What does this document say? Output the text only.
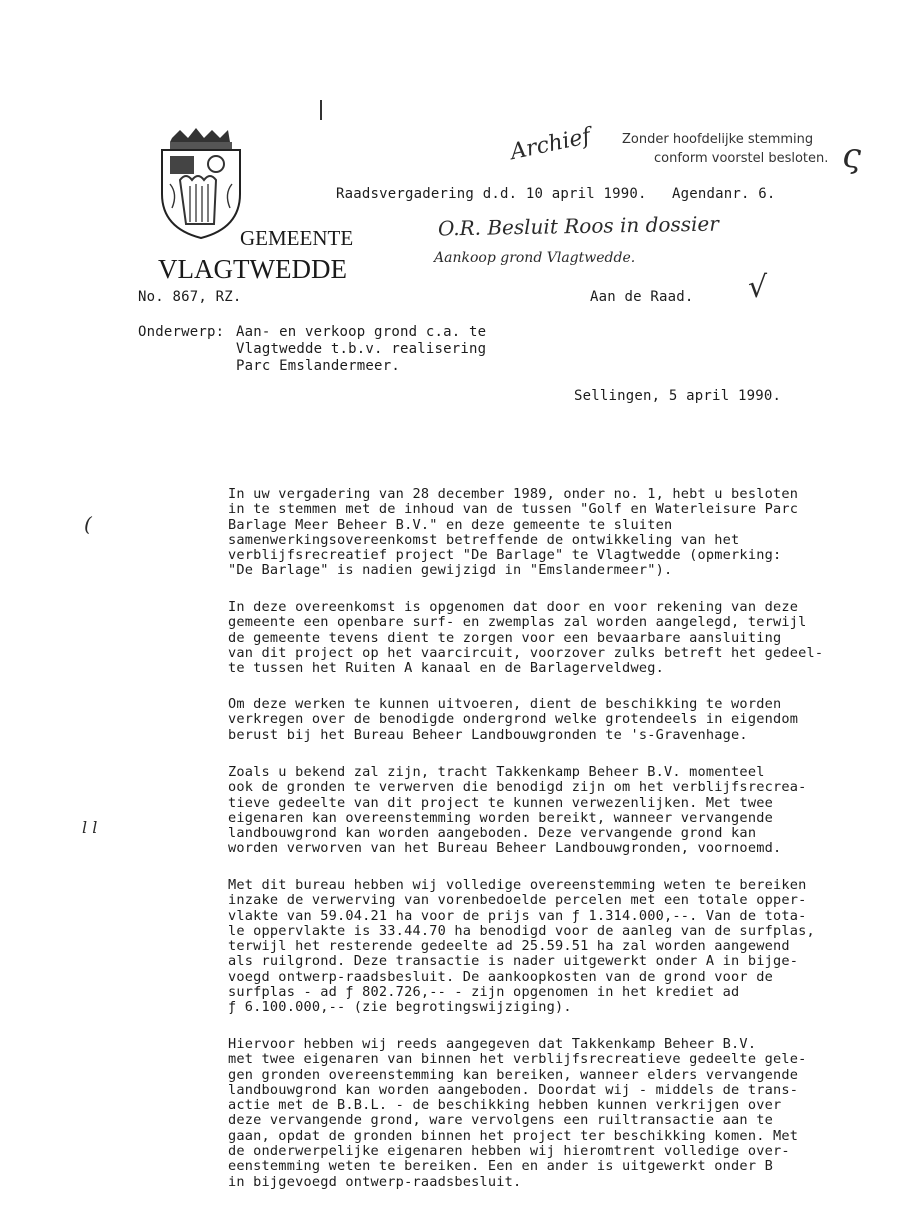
(
l l
GEMEENTE
VLAGTWEDDE
Archief Zonder hoofdelijke stemming
conform voorstel besloten. ς
Raadsvergadering d.d. 10 april 1990. Agendanr. 6.
O.R. Besluit Roos in dossier
Aankoop grond Vlagtwedde.
No. 867, RZ.	Aan de Raad. √
Onderwerp: Aan- en verkoop grond c.a. te
Vlagtwedde t.b.v. realisering
Parc Emslandermeer.
Sellingen, 5 april 1990.
In uw vergadering van 28 december 1989, onder no. 1, hebt u besloten
in te stemmen met de inhoud van de tussen "Golf en Waterleisure Parc
Barlage Meer Beheer B.V." en deze gemeente te sluiten
samenwerkingsovereenkomst betreffende de ontwikkeling van het
verblijfsrecreatief project "De Barlage" te Vlagtwedde (opmerking:
"De Barlage" is nadien gewijzigd in "Emslandermeer").
In deze overeenkomst is opgenomen dat door en voor rekening van deze
gemeente een openbare surf- en zwemplas zal worden aangelegd, terwijl
de gemeente tevens dient te zorgen voor een bevaarbare aansluiting
van dit project op het vaarcircuit, voorzover zulks betreft het gedeel-
te tussen het Ruiten A kanaal en de Barlagerveldweg.
Om deze werken te kunnen uitvoeren, dient de beschikking te worden
verkregen over de benodigde ondergrond welke grotendeels in eigendom
berust bij het Bureau Beheer Landbouwgronden te 's-Gravenhage.
Zoals u bekend zal zijn, tracht Takkenkamp Beheer B.V. momenteel
ook de gronden te verwerven die benodigd zijn om het verblijfsrecrea-
tieve gedeelte van dit project te kunnen verwezenlijken. Met twee
eigenaren kan overeenstemming worden bereikt, wanneer vervangende
landbouwgrond kan worden aangeboden. Deze vervangende grond kan
worden verworven van het Bureau Beheer Landbouwgronden, voornoemd.
Met dit bureau hebben wij volledige overeenstemming weten te bereiken
inzake de verwerving van vorenbedoelde percelen met een totale opper-
vlakte van 59.04.21 ha voor de prijs van ƒ 1.314.000,--. Van de tota-
le oppervlakte is 33.44.70 ha benodigd voor de aanleg van de surfplas,
terwijl het resterende gedeelte ad 25.59.51 ha zal worden aangewend
als ruilgrond. Deze transactie is nader uitgewerkt onder A in bijge-
voegd ontwerp-raadsbesluit. De aankoopkosten van de grond voor de
surfplas - ad ƒ 802.726,-- - zijn opgenomen in het krediet ad
ƒ 6.100.000,-- (zie begrotingswijziging).
Hiervoor hebben wij reeds aangegeven dat Takkenkamp Beheer B.V.
met twee eigenaren van binnen het verblijfsrecreatieve gedeelte gele-
gen gronden overeenstemming kan bereiken, wanneer elders vervangende
landbouwgrond kan worden aangeboden. Doordat wij - middels de trans-
actie met de B.B.L. - de beschikking hebben kunnen verkrijgen over
deze vervangende grond, ware vervolgens een ruiltransactie aan te
gaan, opdat de gronden binnen het project ter beschikking komen. Met
de onderwerpelijke eigenaren hebben wij hieromtrent volledige over-
eenstemming weten te bereiken. Een en ander is uitgewerkt onder B
in bijgevoegd ontwerp-raadsbesluit.
